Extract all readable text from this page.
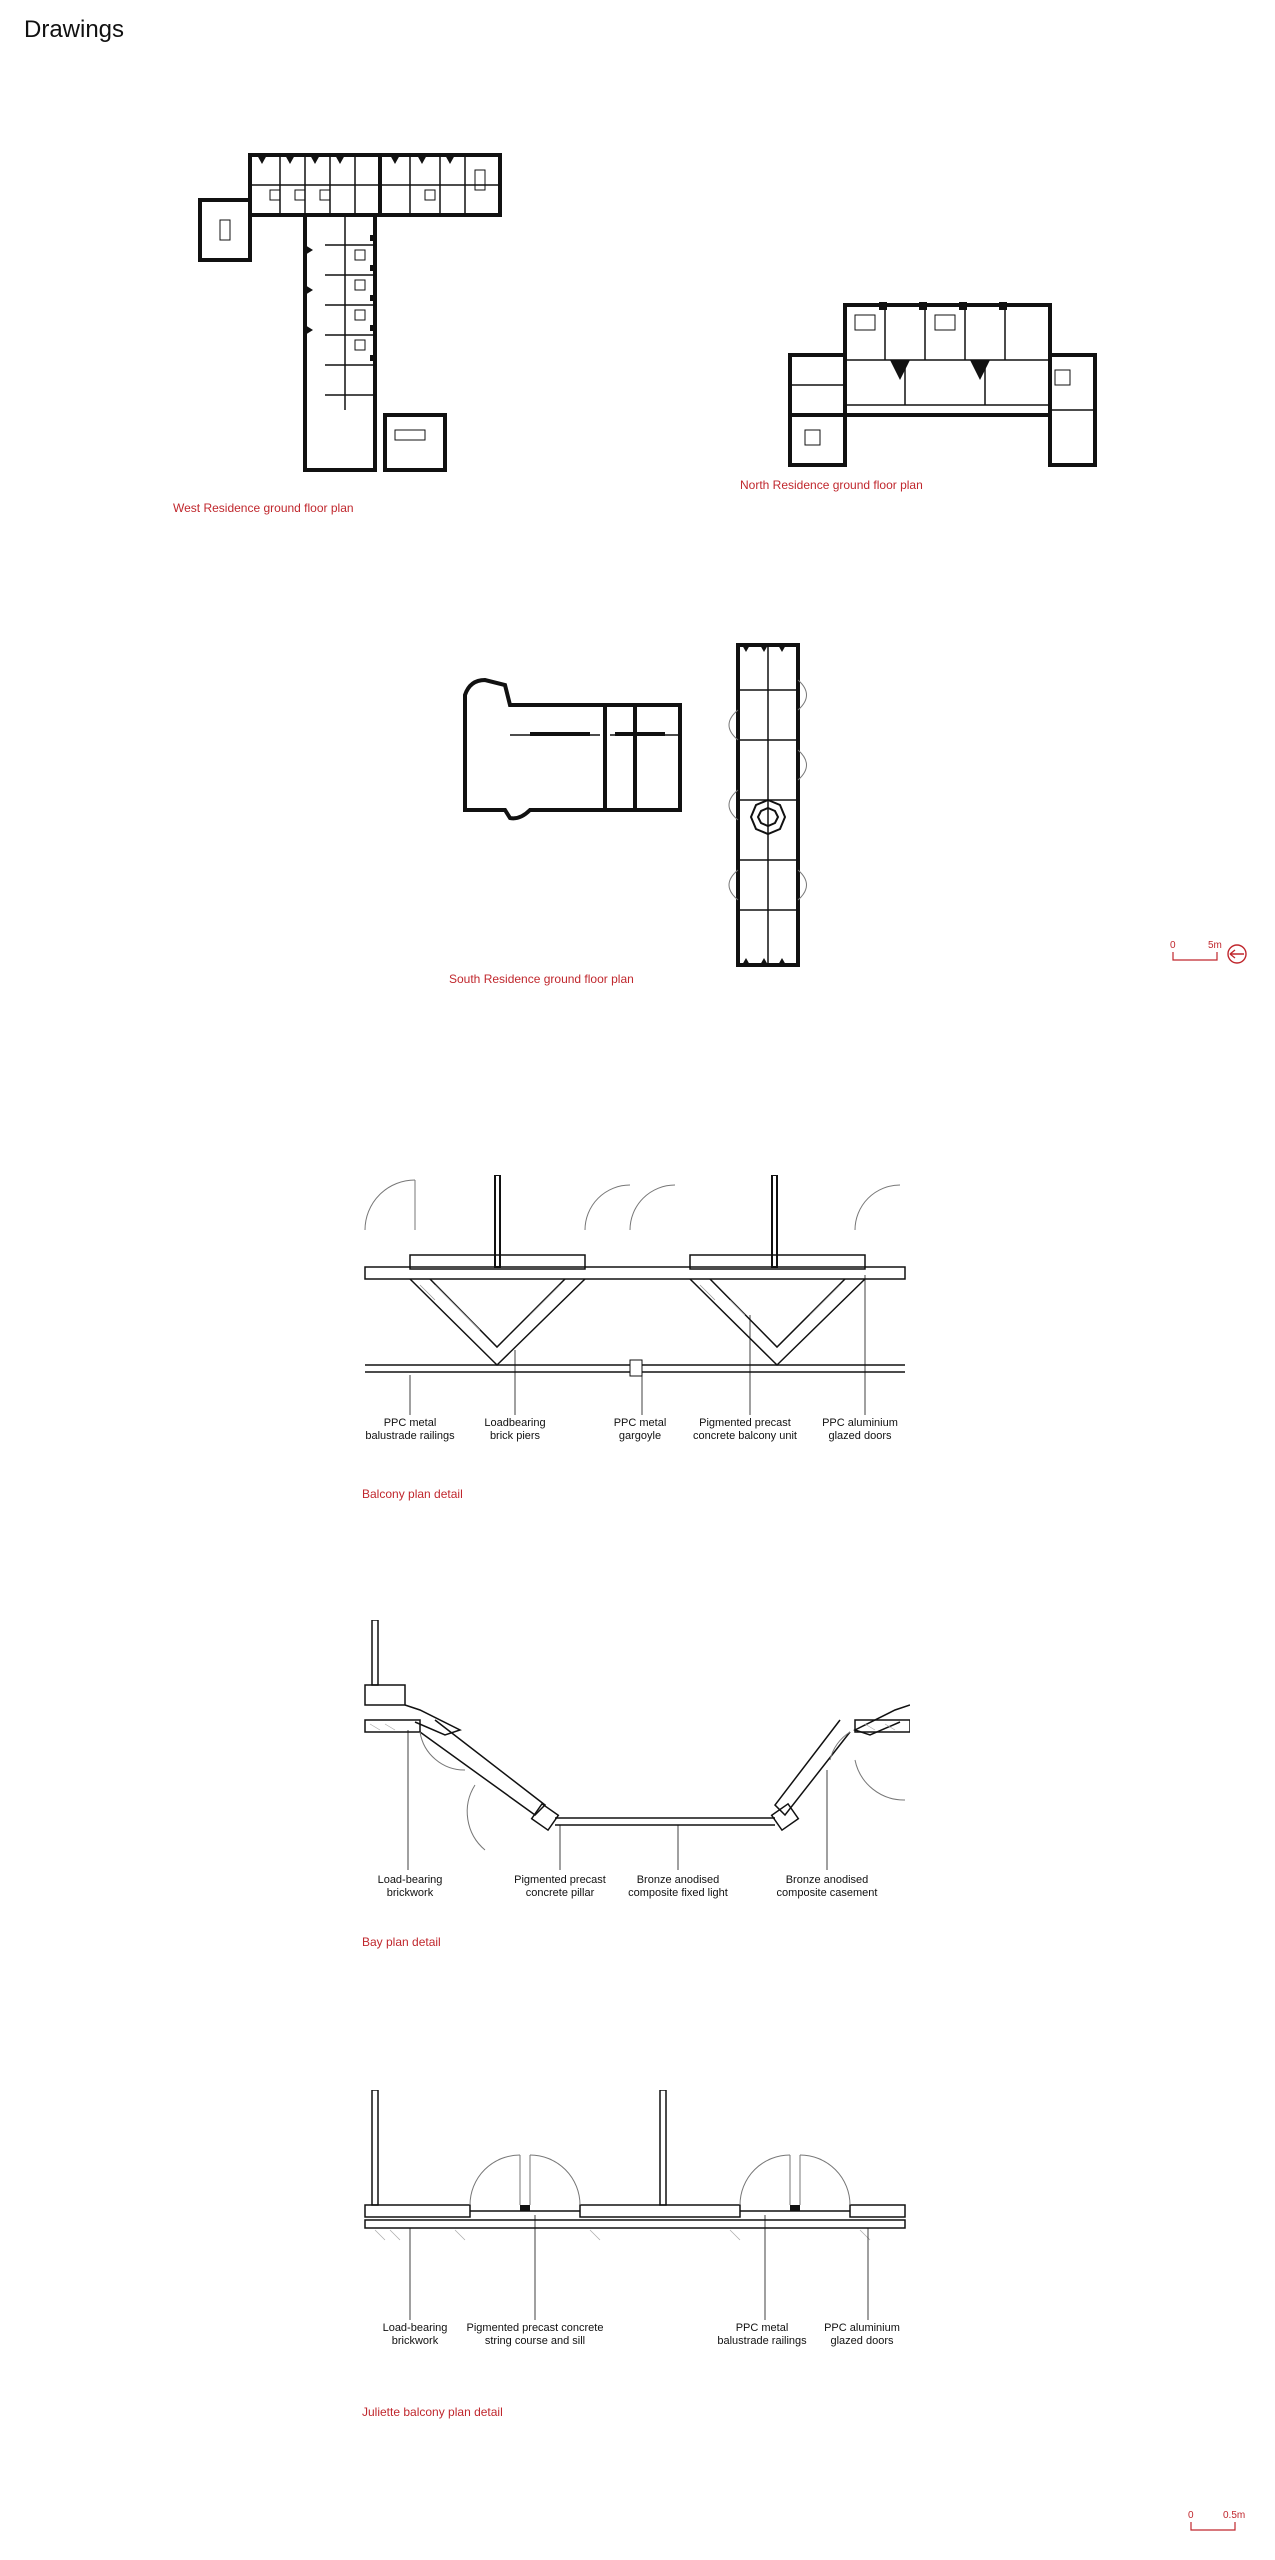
Drawings
West Residence ground floor plan
North Residence ground floor plan
South Residence ground floor plan
0	5m
PPC metal
balustrade railings
Loadbearing
brick piers
PPC metal
gargoyle
Pigmented precast
concrete balcony unit
PPC aluminium
glazed doors
Balcony plan detail
Load-bearing
brickwork
Pigmented precast
concrete pillar
Bronze anodised
composite fixed light
Bronze anodised
composite casement
Bay plan detail
Load-bearing
brickwork
Pigmented precast concrete
string course and sill
PPC metal
balustrade railings
PPC aluminium
glazed doors
Juliette balcony plan detail
0	0.5m
